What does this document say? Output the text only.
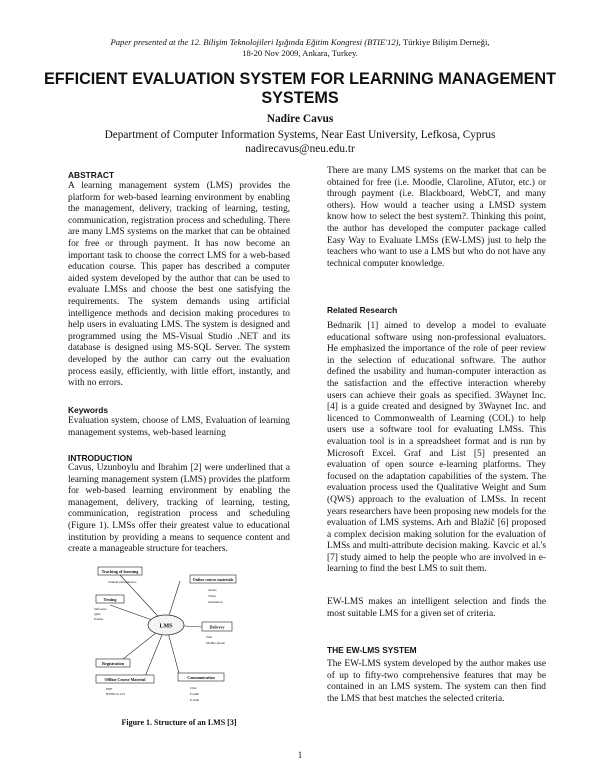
Paper presented at the 12. Bilişim Teknolojileri Işığında Eğitim Kongresi (BTIE'12), Türkiye Bilişim Derneği,
18-20 Nov 2009, Ankara, Turkey.
EFFICIENT EVALUATION SYSTEM FOR LEARNING MANAGEMENT SYSTEMS
Nadire Cavus
Department of Computer Information Systems, Near East University, Lefkosa, Cyprus
nadirecavus@neu.edu.tr
ABSTRACT
A learning management system (LMS) provides the platform for web-based learning environment by enabling the management, delivery, tracking of learning, testing, communication, registration process and scheduling. There are many LMS systems on the market that can be obtained for free or through payment. It has now become an important task to choose the correct LMS for a web-based education course. This paper has described a computer aided system developed by the author that can be used to evaluate LMSs and choose the best one satisfying the requirements. The system demands using artificial intelligence methods and decision making procedures to help users in evaluating LMS. The system is designed and programmed using the MS-Visual Studio .NET and its database is designed using MS-SQL Server. The system developed by the author can carry out the evaluation process easily, efficiently, with little effort, instantly, and with no errors.
Keywords
Evaluation system, choose of LMS, Evaluation of learning management systems, web-based learning
INTRODUCTION
Cavus, Uzunboylu and Ibrahim [2] were underlined that a learning management system (LMS) provides the platform for web-based learning environment by enabling the management, delivery, tracking of learning, testing, communication, registration process and scheduling (Figure 1). LMSs offer their greatest value to educational institution by providing a means to sequence content and create a manageable structure for teachers.
LMS
Tracking of learning
Student performance	Online course materials
Audio
Video
Animation
Testing
Self-tests
Quiz
Exams
Delivery
Web
Mobile phone
Registration
Offline Course Material
PDF
HTML in CD
Communication
Chat
Forum
E-mail
Figure 1. Structure of an LMS [3]
There are many LMS systems on the market that can be obtained for free (i.e. Moodle, Claroline, ATutor, etc.) or through payment (i.e. Blackboard, WebCT, and many others). How would a teacher using a LMSD system know how to select the best system?. Thinking this point, the author has developed the computer package called Easy Way to Evaluate LMSs (EW-LMS) just to help the teachers who want to use a LMS but who do not have any technical computer knowledge.
Related Research
Bednarik [1] aimed to develop a model to evaluate educational software using non-professional evaluators. He emphasized the importance of the role of peer review in the selection of educational software. The author defined the usability and human-computer interaction as the satisfaction and the effective interaction whereby users can achieve their goals as specified. 3Waynet Inc. [4] is a guide created and designed by 3Waynet Inc. and licenced to Commonwealth of Learning (COL) to help users use a software tool for evaluating LMSs. This evaluation tool is in a spreadsheet format and is run by Microsoft Excel. Graf and List [5] presented an evaluation of open source e-learning platforms. They focused on the adaptation capabilities of the system. The evaluation process used the Qualitative Weight and Sum (QWS) approach to the evaluation of LMSs. In recent years researchers have been proposing new models for the evaluation of LMS systems. Arh and Blažič [6] proposed a complex decision making solution for the evaluation of LMSs and multi-attribute decision making. Kavcic et al.'s [7] study aimed to help the people who are involved in e-learning to find the best LMS to suit them.
EW-LMS makes an intelligent selection and finds the most suitable LMS for a given set of criteria.
THE EW-LMS SYSTEM
The EW-LMS system developed by the author makes use of up to fifty-two comprehensive features that may be contained in an LMS system. The system can then find the LMS that best matches the selected criteria.
1
